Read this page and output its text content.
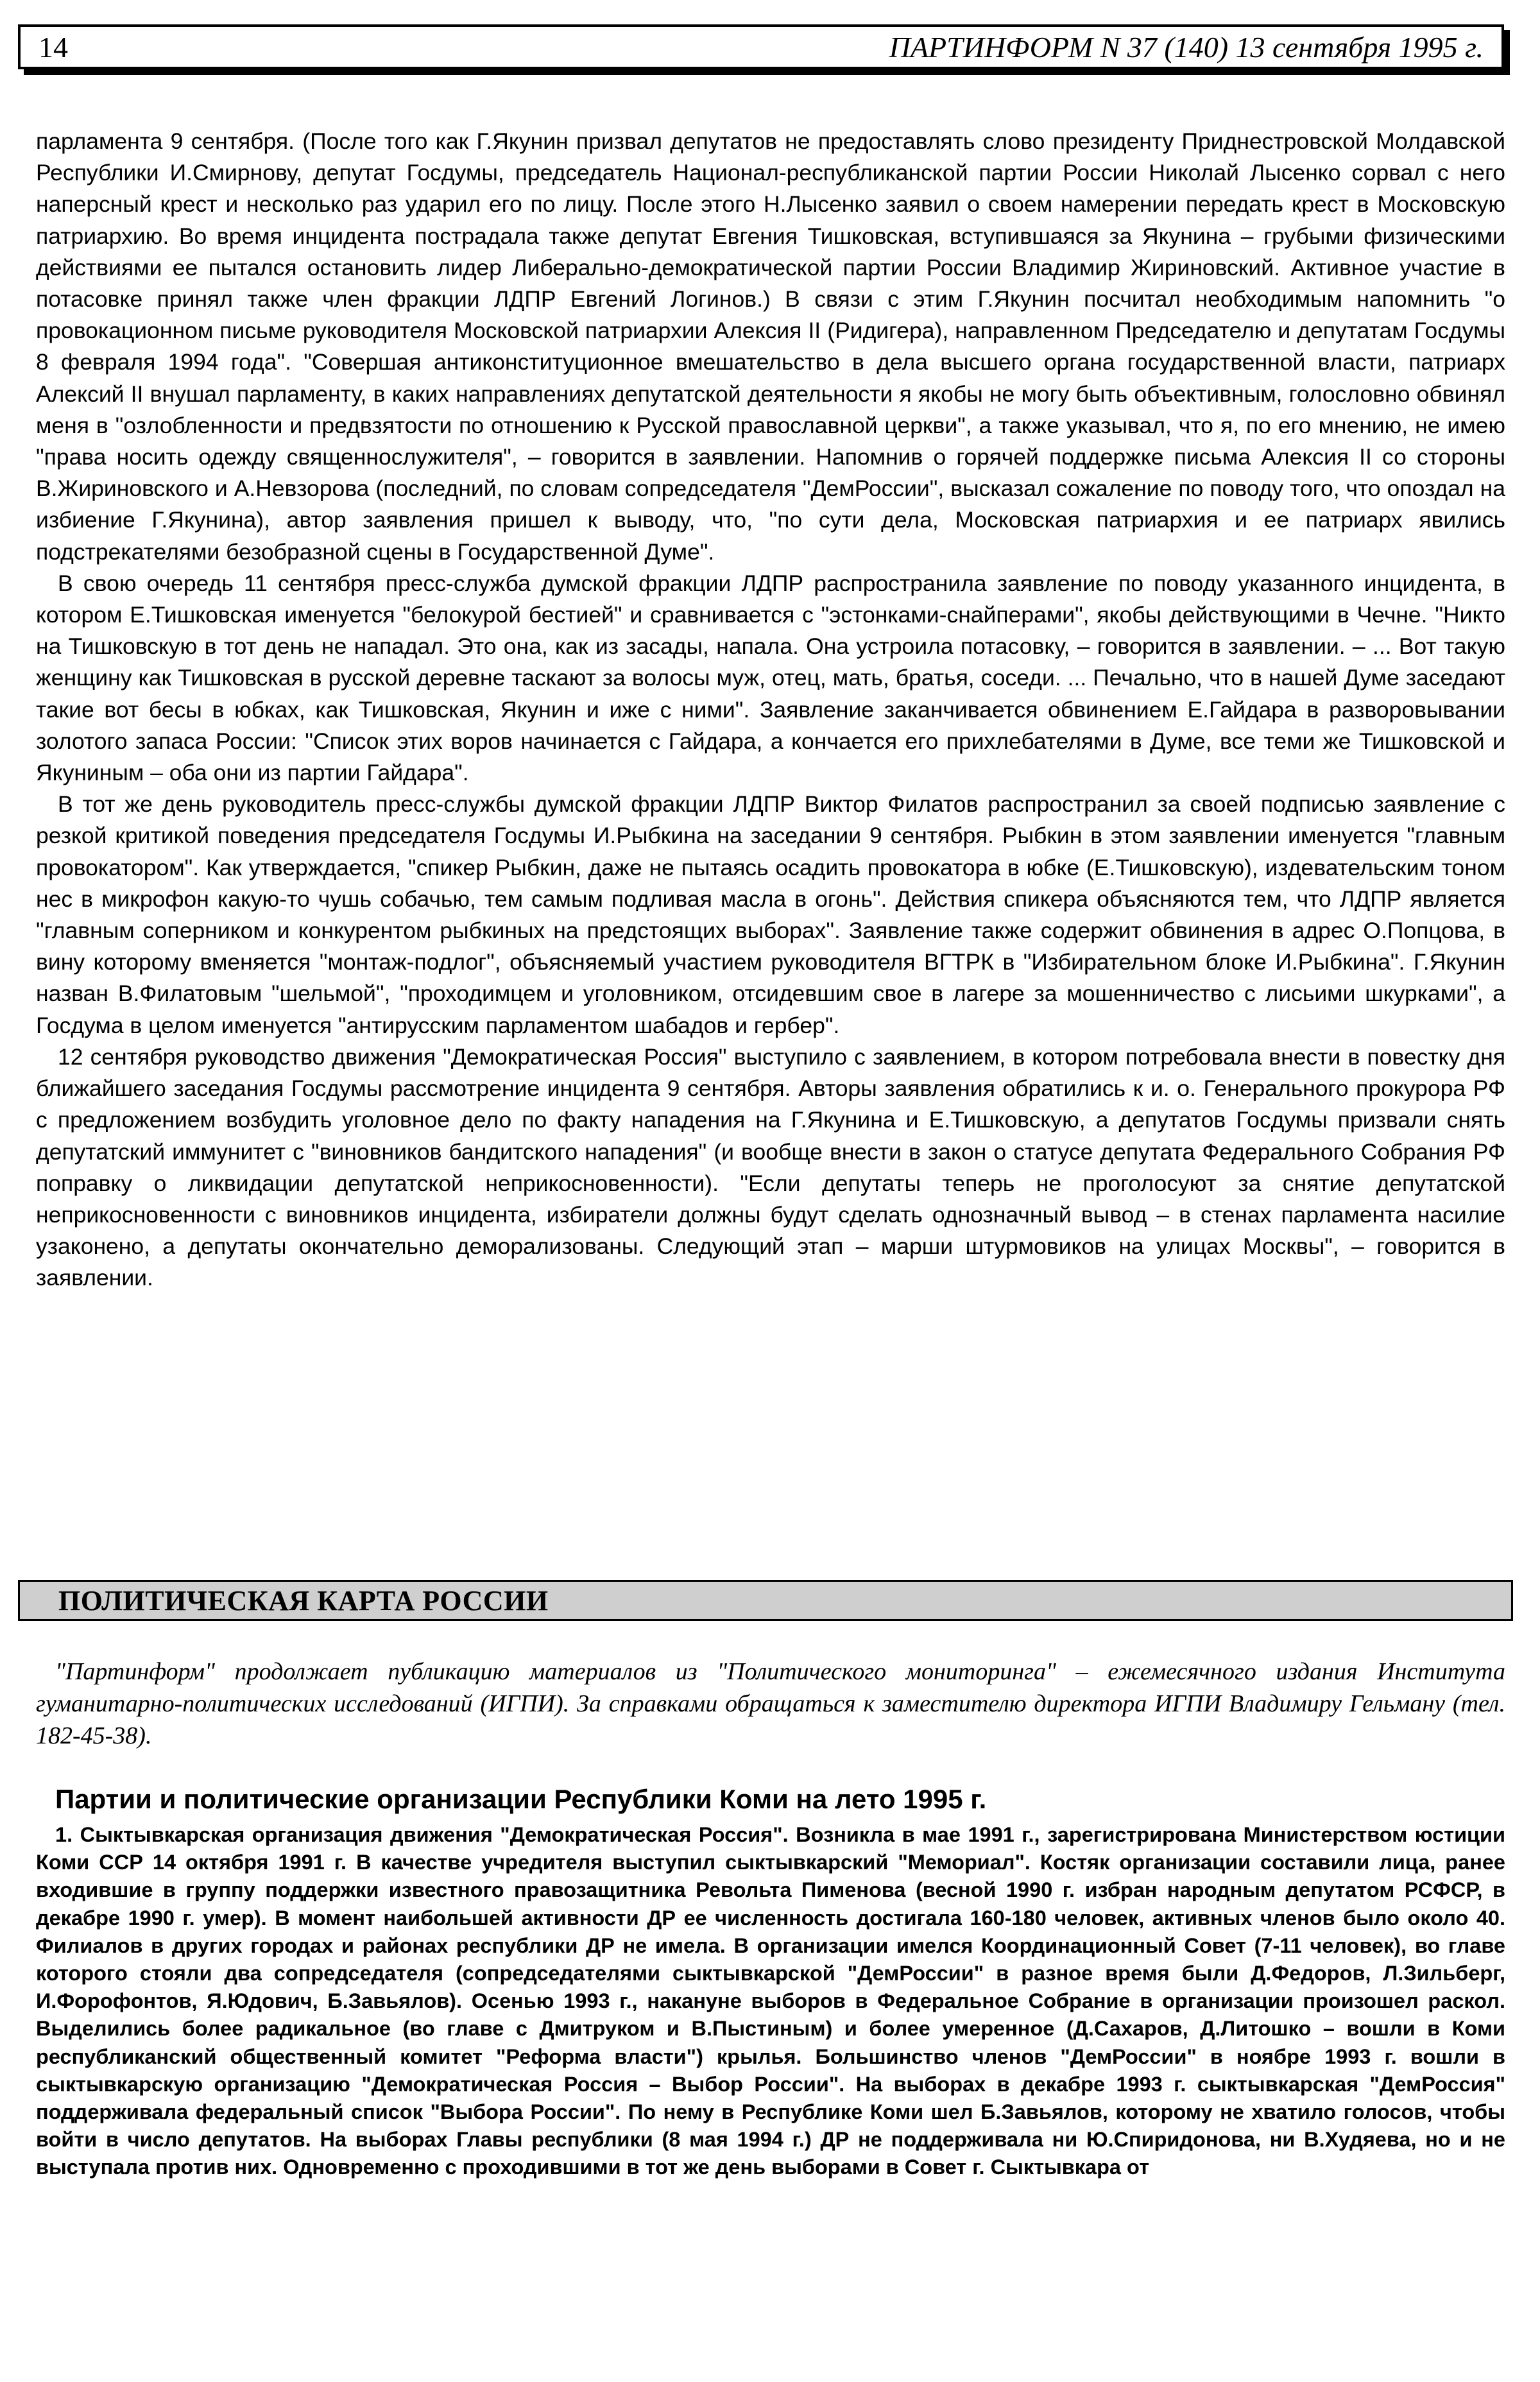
14	ПАРТИНФОРМ N 37 (140) 13 сентября 1995 г.

парламента 9 сентября. (После того как Г.Якунин призвал депутатов не предоставлять слово президенту Приднестровской Молдавской Республики И.Смирнову, депутат Госдумы, председатель Национал-республиканской партии России Николай Лысенко сорвал с него наперсный крест и несколько раз ударил его по лицу. После этого Н.Лысенко заявил о своем намерении передать крест в Московскую патриархию. Во время инцидента пострадала также депутат Евгения Тишковская, вступившаяся за Якунина – грубыми физическими действиями ее пытался остановить лидер Либерально-демократической партии России Владимир Жириновский. Активное участие в потасовке принял также член фракции ЛДПР Евгений Логинов.) В связи с этим Г.Якунин посчитал необходимым напомнить "о провокационном письме руководителя Московской патриархии Алексия II (Ридигера), направленном Председателю и депутатам Госдумы 8 февраля 1994 года". "Совершая антиконституционное вмешательство в дела высшего органа государственной власти, патриарх Алексий II внушал парламенту, в каких направлениях депутатской деятельности я якобы не могу быть объективным, голословно обвинял меня в "озлобленности и предвзятости по отношению к Русской православной церкви", а также указывал, что я, по его мнению, не имею "права носить одежду священнослужителя", – говорится в заявлении. Напомнив о горячей поддержке письма Алексия II со стороны В.Жириновского и А.Невзорова (последний, по словам сопредседателя "ДемРоссии", высказал сожаление по поводу того, что опоздал на избиение Г.Якунина), автор заявления пришел к выводу, что, "по сути дела, Московская патриархия и ее патриарх явились подстрекателями безобразной сцены в Государственной Думе".

В свою очередь 11 сентября пресс-служба думской фракции ЛДПР распространила заявление по поводу указанного инцидента, в котором Е.Тишковская именуется "белокурой бестией" и сравнивается с "эстонками-снайперами", якобы действующими в Чечне. "Никто на Тишковскую в тот день не нападал. Это она, как из засады, напала. Она устроила потасовку, – говорится в заявлении. – ... Вот такую женщину как Тишковская в русской деревне таскают за волосы муж, отец, мать, братья, соседи. ... Печально, что в нашей Думе заседают такие вот бесы в юбках, как Тишковская, Якунин и иже с ними". Заявление заканчивается обвинением Е.Гайдара в разворовывании золотого запаса России: "Список этих воров начинается с Гайдара, а кончается его прихлебателями в Думе, все теми же Тишковской и Якуниным – оба они из партии Гайдара".

В тот же день руководитель пресс-службы думской фракции ЛДПР Виктор Филатов распространил за своей подписью заявление с резкой критикой поведения председателя Госдумы И.Рыбкина на заседании 9 сентября. Рыбкин в этом заявлении именуется "главным провокатором". Как утверждается, "спикер Рыбкин, даже не пытаясь осадить провокатора в юбке (Е.Тишковскую), издевательским тоном нес в микрофон какую-то чушь собачью, тем самым подливая масла в огонь". Действия спикера объясняются тем, что ЛДПР является "главным соперником и конкурентом рыбкиных на предстоящих выборах". Заявление также содержит обвинения в адрес О.Попцова, в вину которому вменяется "монтаж-подлог", объясняемый участием руководителя ВГТРК в "Избирательном блоке И.Рыбкина". Г.Якунин назван В.Филатовым "шельмой", "проходимцем и уголовником, отсидевшим свое в лагере за мошенничество с лисьими шкурками", а Госдума в целом именуется "антирусским парламентом шабадов и гербер".

12 сентября руководство движения "Демократическая Россия" выступило с заявлением, в котором потребовала внести в повестку дня ближайшего заседания Госдумы рассмотрение инцидента 9 сентября. Авторы заявления обратились к и. о. Генерального прокурора РФ с предложением возбудить уголовное дело по факту нападения на Г.Якунина и Е.Тишковскую, а депутатов Госдумы призвали снять депутатский иммунитет с "виновников бандитского нападения" (и вообще внести в закон о статусе депутата Федерального Собрания РФ поправку о ликвидации депутатской неприкосновенности). "Если депутаты теперь не проголосуют за снятие депутатской неприкосновенности с виновников инцидента, избиратели должны будут сделать однозначный вывод – в стенах парламента насилие узаконено, а депутаты окончательно деморализованы. Следующий этап – марши штурмовиков на улицах Москвы", – говорится в заявлении.

ПОЛИТИЧЕСКАЯ КАРТА РОССИИ

"Партинформ" продолжает публикацию материалов из "Политического мониторинга" – ежемесячного издания Института гуманитарно-политических исследований (ИГПИ). За справками обращаться к заместителю директора ИГПИ Владимиру Гельману (тел. 182-45-38).

Партии и политические организации Республики Коми на лето 1995 г.

1. Сыктывкарская организация движения "Демократическая Россия". Возникла в мае 1991 г., зарегистрирована Министерством юстиции Коми ССР 14 октября 1991 г. В качестве учредителя выступил сыктывкарский "Мемориал". Костяк организации составили лица, ранее входившие в группу поддержки известного правозащитника Револьта Пименова (весной 1990 г. избран народным депутатом РСФСР, в декабре 1990 г. умер). В момент наибольшей активности ДР ее численность достигала 160-180 человек, активных членов было около 40. Филиалов в других городах и районах республики ДР не имела. В организации имелся Координационный Совет (7-11 человек), во главе которого стояли два сопредседателя (сопредседателями сыктывкарской "ДемРоссии" в разное время были Д.Федоров, Л.Зильберг, И.Форофонтов, Я.Юдович, Б.Завьялов). Осенью 1993 г., накануне выборов в Федеральное Собрание в организации произошел раскол. Выделились более радикальное (во главе с Дмитруком и В.Пыстиным) и более умеренное (Д.Сахаров, Д.Литошко – вошли в Коми республиканский общественный комитет "Реформа власти") крылья. Большинство членов "ДемРоссии" в ноябре 1993 г. вошли в сыктывкарскую организацию "Демократическая Россия – Выбор России". На выборах в декабре 1993 г. сыктывкарская "ДемРоссия" поддерживала федеральный список "Выбора России". По нему в Республике Коми шел Б.Завьялов, которому не хватило голосов, чтобы войти в число депутатов. На выборах Главы республики (8 мая 1994 г.) ДР не поддерживала ни Ю.Спиридонова, ни В.Худяева, но и не выступала против них. Одновременно с проходившими в тот же день выборами в Совет г. Сыктывкара от
